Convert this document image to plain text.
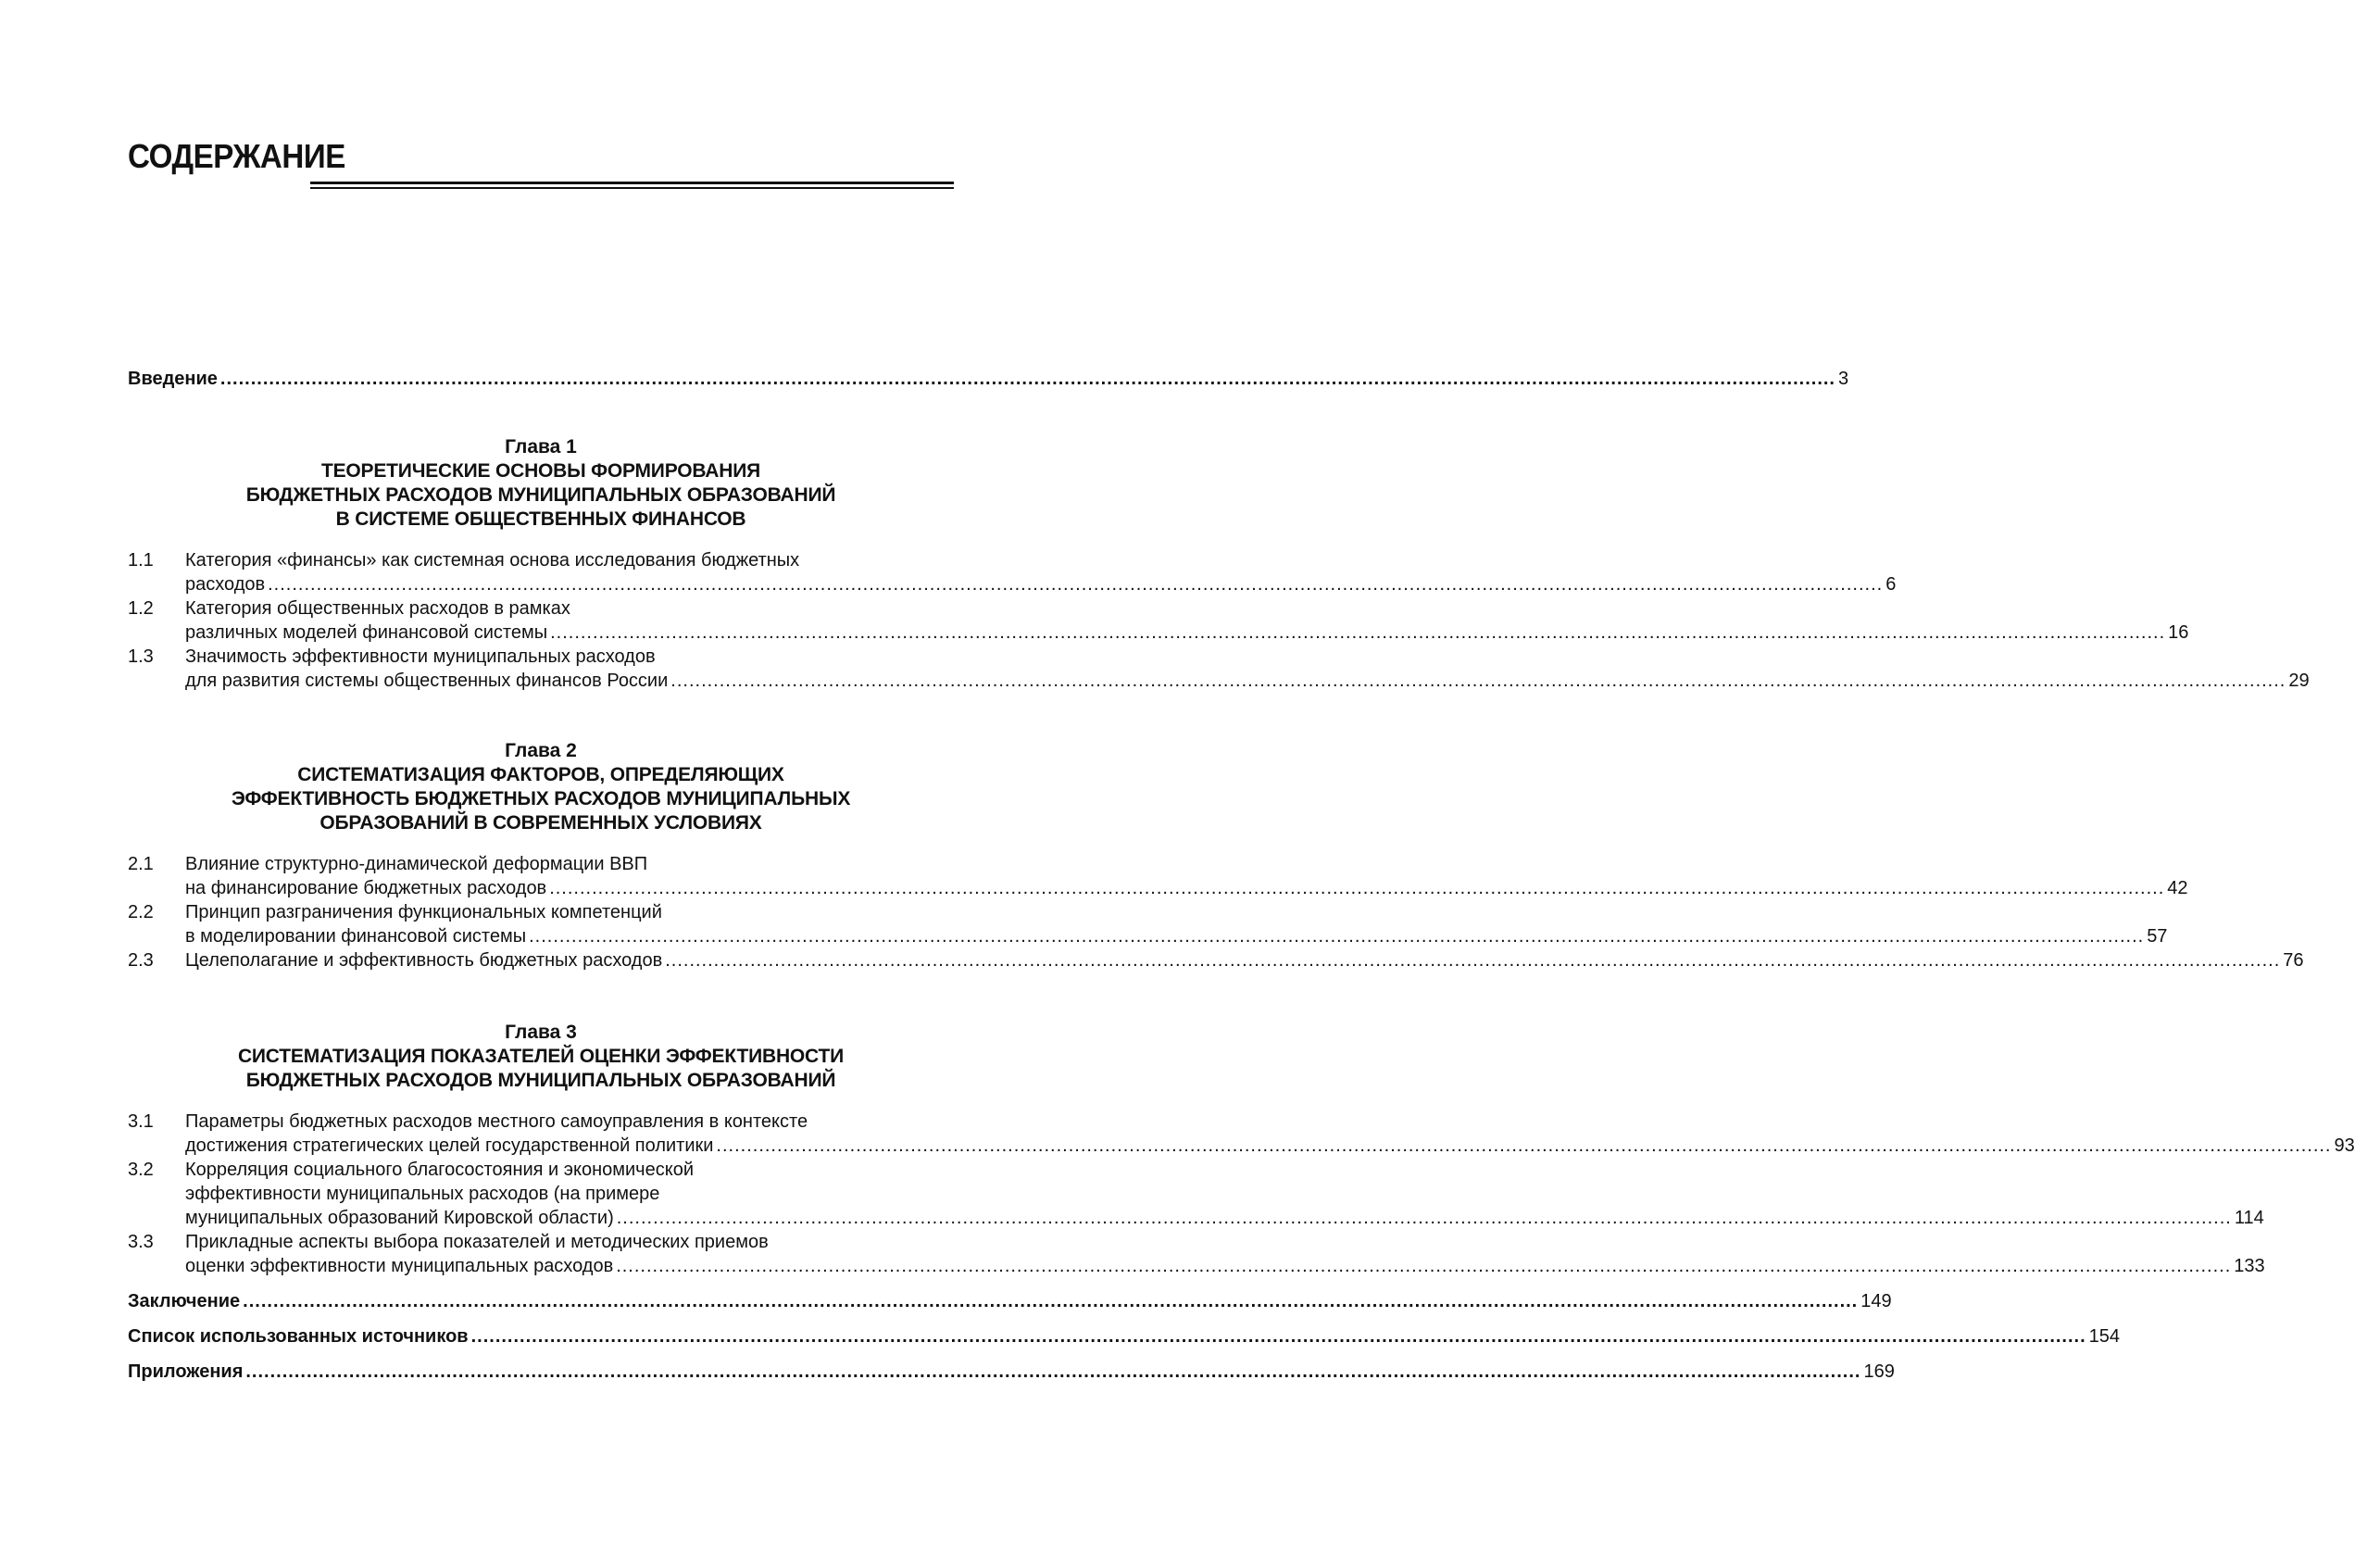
СОДЕРЖАНИЕ
Введение .....	3
Глава 1
ТЕОРЕТИЧЕСКИЕ ОСНОВЫ ФОРМИРОВАНИЯ
БЮДЖЕТНЫХ РАСХОДОВ МУНИЦИПАЛЬНЫХ ОБРАЗОВАНИЙ
В СИСТЕМЕ ОБЩЕСТВЕННЫХ ФИНАНСОВ
1.1	Категория «финансы» как системная основа исследования бюджетных
расходов .....	6
1.2	Категория общественных расходов в рамках
различных моделей финансовой системы .....	16
1.3	Значимость эффективности муниципальных расходов
для развития системы общественных финансов России .....	29
Глава 2
СИСТЕМАТИЗАЦИЯ ФАКТОРОВ, ОПРЕДЕЛЯЮЩИХ
ЭФФЕКТИВНОСТЬ БЮДЖЕТНЫХ РАСХОДОВ МУНИЦИПАЛЬНЫХ
ОБРАЗОВАНИЙ В СОВРЕМЕННЫХ УСЛОВИЯХ
2.1	Влияние структурно-динамической деформации ВВП
на финансирование бюджетных расходов .....	42
2.2	Принцип разграничения функциональных компетенций
в моделировании финансовой системы .....	57
2.3	Целеполагание и эффективность бюджетных расходов .....	76
Глава 3
СИСТЕМАТИЗАЦИЯ ПОКАЗАТЕЛЕЙ ОЦЕНКИ ЭФФЕКТИВНОСТИ
БЮДЖЕТНЫХ РАСХОДОВ МУНИЦИПАЛЬНЫХ ОБРАЗОВАНИЙ
3.1	Параметры бюджетных расходов местного самоуправления в контексте
достижения стратегических целей государственной политики .....	93
3.2	Корреляция социального благосостояния и экономической
эффективности муниципальных расходов (на примере
муниципальных образований Кировской области) .....	114
3.3	Прикладные аспекты выбора показателей и методических приемов
оценки эффективности муниципальных расходов .....	133
Заключение .....	149
Список использованных источников .....	154
Приложения .....	169
